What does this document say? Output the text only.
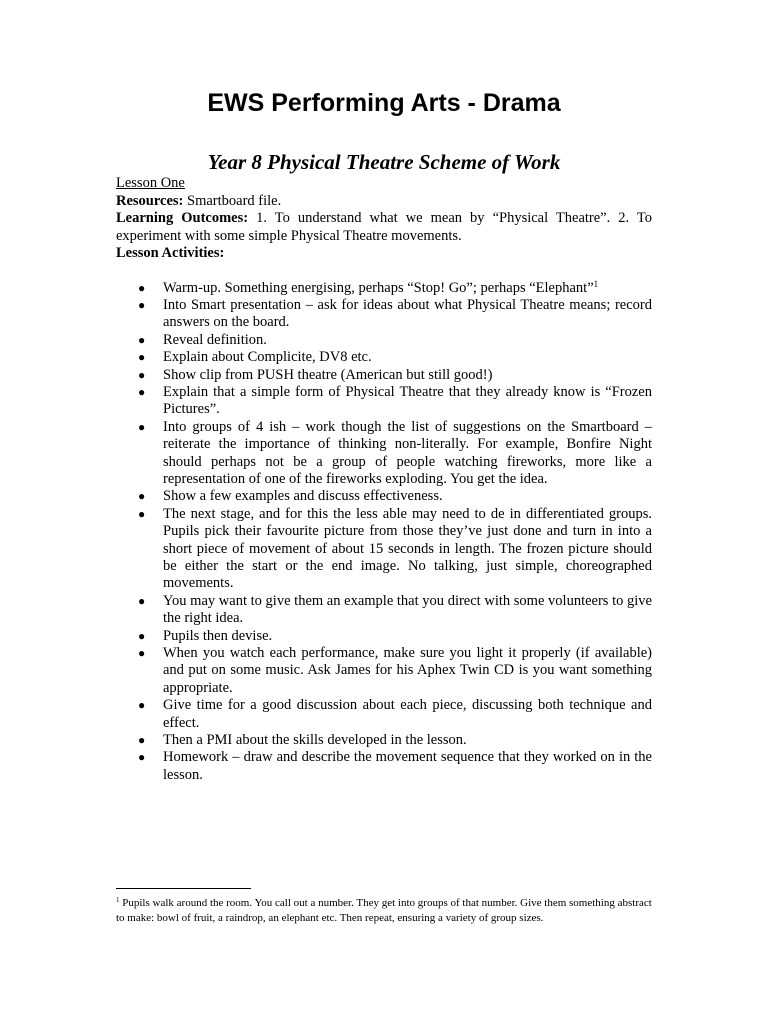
EWS Performing Arts - Drama
Year 8 Physical Theatre Scheme of Work

Lesson One

Resources: Smartboard file.

Learning Outcomes: 1. To understand what we mean by “Physical Theatre”. 2. To experiment with some simple Physical Theatre movements.

Lesson Activities:

● Warm-up. Something energising, perhaps “Stop! Go”; perhaps “Elephant”$^1$
● Into Smart presentation – ask for ideas about what Physical Theatre means; record answers on the board.
● Reveal definition.
● Explain about Complicite, DV8 etc.
● Show clip from PUSH theatre (American but still good!)
● Explain that a simple form of Physical Theatre that they already know is “Frozen Pictures”.
● Into groups of 4 ish – work though the list of suggestions on the Smartboard – reiterate the importance of thinking non-literally. For example, Bonfire Night should perhaps not be a group of people watching fireworks, more like a representation of one of the fireworks exploding. You get the idea.
● Show a few examples and discuss effectiveness.
● The next stage, and for this the less able may need to de in differentiated groups. Pupils pick their favourite picture from those they’ve just done and turn in into a short piece of movement of about 15 seconds in length. The frozen picture should be either the start or the end image. No talking, just simple, choreographed movements.
● You may want to give them an example that you direct with some volunteers to give the right idea.
● Pupils then devise.
● When you watch each performance, make sure you light it properly (if available) and put on some music. Ask James for his Aphex Twin CD is you want something appropriate.
● Give time for a good discussion about each piece, discussing both technique and effect.
● Then a PMI about the skills developed in the lesson.
● Homework – draw and describe the movement sequence that they worked on in the lesson.

$^1$ Pupils walk around the room. You call out a number. They get into groups of that number. Give them something abstract to make: bowl of fruit, a raindrop, an elephant etc. Then repeat, ensuring a variety of group sizes.
